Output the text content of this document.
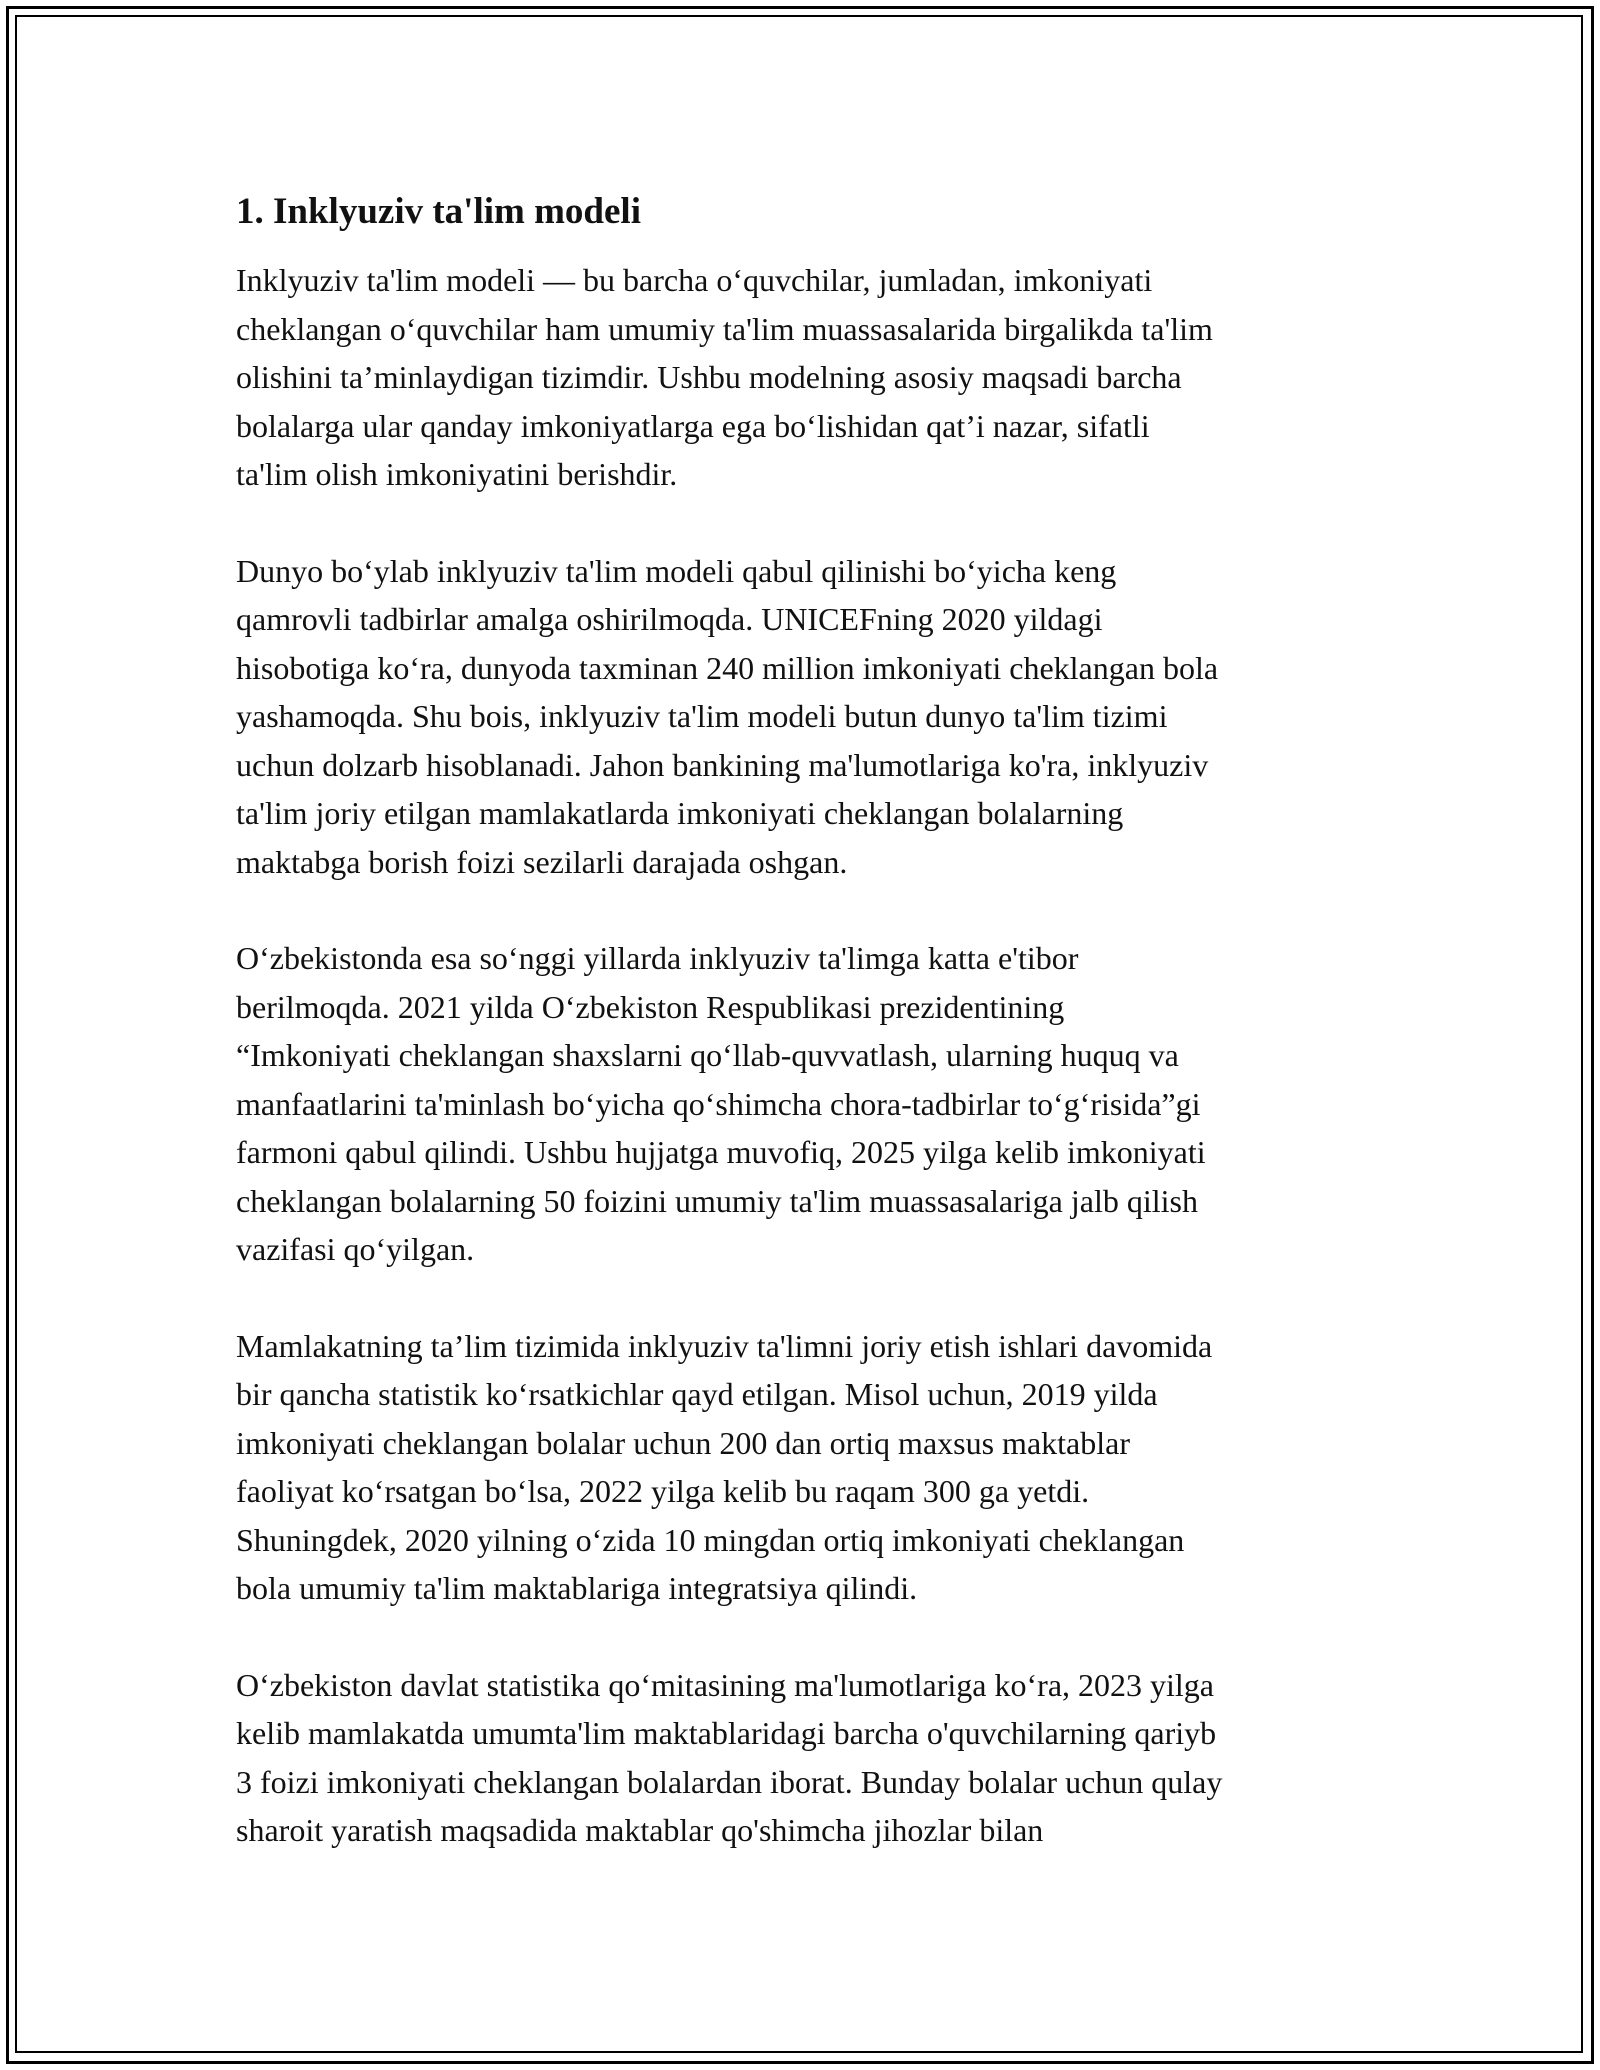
1. Inklyuziv ta'lim modeli
Inklyuziv ta'lim modeli — bu barcha o‘quvchilar, jumladan, imkoniyati
cheklangan o‘quvchilar ham umumiy ta'lim muassasalarida birgalikda ta'lim
olishini ta’minlaydigan tizimdir. Ushbu modelning asosiy maqsadi barcha
bolalarga ular qanday imkoniyatlarga ega bo‘lishidan qat’i nazar, sifatli
ta'lim olish imkoniyatini berishdir.
Dunyo bo‘ylab inklyuziv ta'lim modeli qabul qilinishi bo‘yicha keng
qamrovli tadbirlar amalga oshirilmoqda. UNICEFning 2020 yildagi
hisobotiga ko‘ra, dunyoda taxminan 240 million imkoniyati cheklangan bola
yashamoqda. Shu bois, inklyuziv ta'lim modeli butun dunyo ta'lim tizimi
uchun dolzarb hisoblanadi. Jahon bankining ma'lumotlariga ko'ra, inklyuziv
ta'lim joriy etilgan mamlakatlarda imkoniyati cheklangan bolalarning
maktabga borish foizi sezilarli darajada oshgan.
O‘zbekistonda esa so‘nggi yillarda inklyuziv ta'limga katta e'tibor
berilmoqda. 2021 yilda O‘zbekiston Respublikasi prezidentining
“Imkoniyati cheklangan shaxslarni qo‘llab-quvvatlash, ularning huquq va
manfaatlarini ta'minlash bo‘yicha qo‘shimcha chora-tadbirlar to‘g‘risida”gi
farmoni qabul qilindi. Ushbu hujjatga muvofiq, 2025 yilga kelib imkoniyati
cheklangan bolalarning 50 foizini umumiy ta'lim muassasalariga jalb qilish
vazifasi qo‘yilgan.
Mamlakatning ta’lim tizimida inklyuziv ta'limni joriy etish ishlari davomida
bir qancha statistik ko‘rsatkichlar qayd etilgan. Misol uchun, 2019 yilda
imkoniyati cheklangan bolalar uchun 200 dan ortiq maxsus maktablar
faoliyat ko‘rsatgan bo‘lsa, 2022 yilga kelib bu raqam 300 ga yetdi.
Shuningdek, 2020 yilning o‘zida 10 mingdan ortiq imkoniyati cheklangan
bola umumiy ta'lim maktablariga integratsiya qilindi.
O‘zbekiston davlat statistika qo‘mitasining ma'lumotlariga ko‘ra, 2023 yilga
kelib mamlakatda umumta'lim maktablaridagi barcha o'quvchilarning qariyb
3 foizi imkoniyati cheklangan bolalardan iborat. Bunday bolalar uchun qulay
sharoit yaratish maqsadida maktablar qo'shimcha jihozlar bilan
